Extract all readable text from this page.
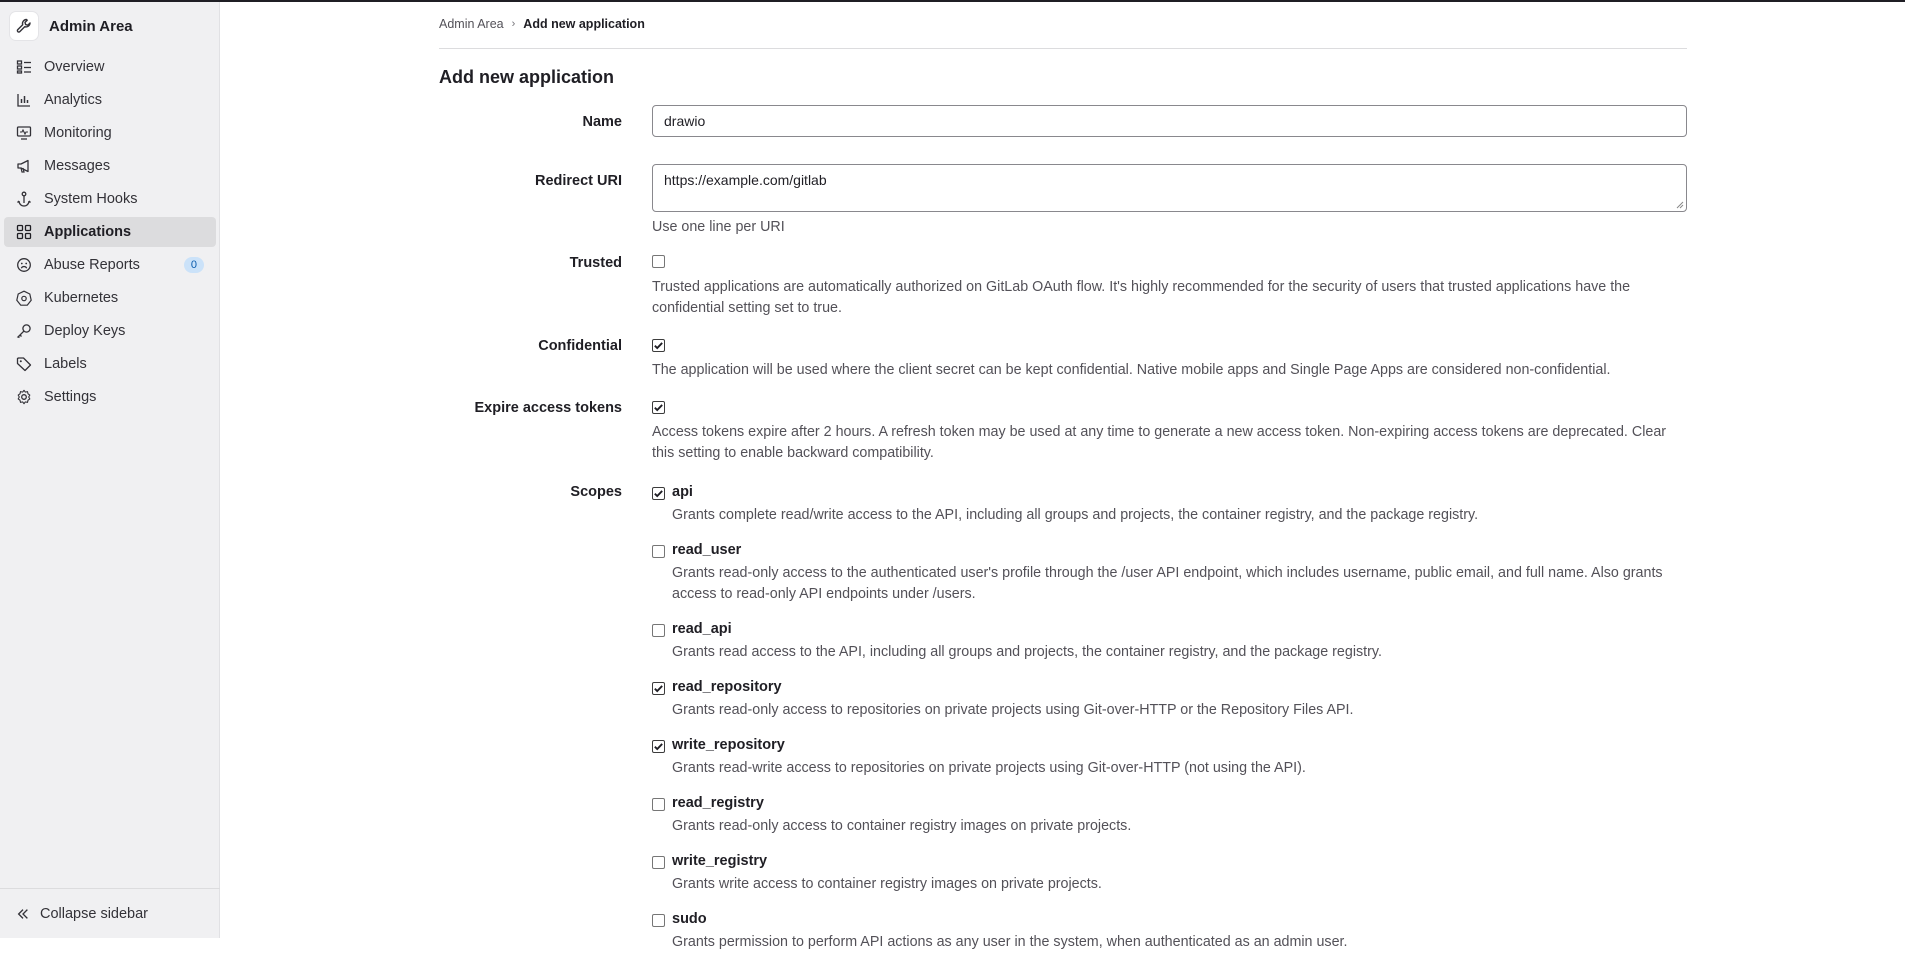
Admin Area
Overview
Analytics
Monitoring
Messages
System Hooks
Applications
Abuse Reports	0
Kubernetes
Deploy Keys
Labels
Settings
Collapse sidebar
Admin Area › Add new application
Add new application
Name	drawio
Redirect URI	https://example.com/gitlab
Use one line per URI
Trusted
Trusted applications are automatically authorized on GitLab OAuth flow. It's highly recommended for the security of users that trusted applications have the confidential setting set to true.
Confidential
The application will be used where the client secret can be kept confidential. Native mobile apps and Single Page Apps are considered non-confidential.
Expire access tokens
Access tokens expire after 2 hours. A refresh token may be used at any time to generate a new access token. Non-expiring access tokens are deprecated. Clear this setting to enable backward compatibility.
Scopes	api
Grants complete read/write access to the API, including all groups and projects, the container registry, and the package registry.
read_user
Grants read-only access to the authenticated user's profile through the /user API endpoint, which includes username, public email, and full name. Also grants access to read-only API endpoints under /users.
read_api
Grants read access to the API, including all groups and projects, the container registry, and the package registry.
read_repository
Grants read-only access to repositories on private projects using Git-over-HTTP or the Repository Files API.
write_repository
Grants read-write access to repositories on private projects using Git-over-HTTP (not using the API).
read_registry
Grants read-only access to container registry images on private projects.
write_registry
Grants write access to container registry images on private projects.
sudo
Grants permission to perform API actions as any user in the system, when authenticated as an admin user.
